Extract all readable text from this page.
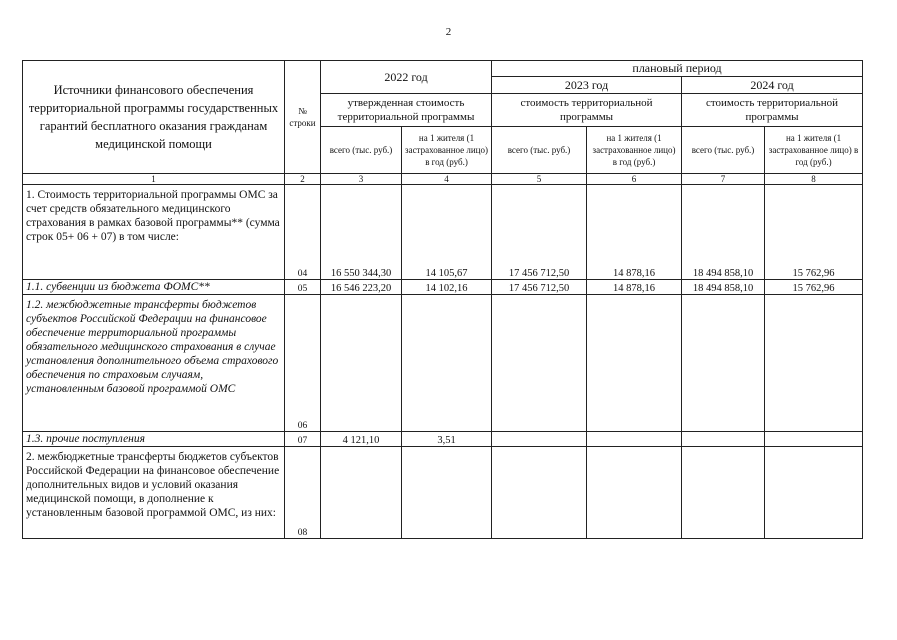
2
Источники финансового обеспечения территориальной программы государственных гарантий бесплатного оказания гражданам медицинской помощи	№ строки	2022 год		плановый период			
				2023 год		2024 год	
		утвержденная стоимость территориальной программы		стоимость территориальной программы		стоимость территориальной программы	
		всего (тыс. руб.)	на 1 жителя (1 застрахованное лицо) в год (руб.)	всего (тыс. руб.)	на 1 жителя (1 застрахованное лицо) в год (руб.)	всего (тыс. руб.)	на 1 жителя (1 застрахованное лицо) в год (руб.)
1	2	3	4	5	6	7	8
1. Стоимость территориальной программы ОМС за счет средств обязательного медицинского страхования в рамках базовой программы** (сумма строк 05+ 06 + 07) в том числе:	04	16 550 344,30	14 105,67	17 456 712,50	14 878,16	18 494 858,10	15 762,96
1.1. субвенции из бюджета ФОМС**	05	16 546 223,20	14 102,16	17 456 712,50	14 878,16	18 494 858,10	15 762,96
1.2. межбюджетные трансферты бюджетов субъектов Российской Федерации на финансовое обеспечение территориальной программы обязательного медицинского страхования в случае установления дополнительного объема страхового обеспечения по страховым случаям, установленным базовой программой ОМС	06						
1.3. прочие поступления	07	4 121,10	3,51				
2. межбюджетные трансферты бюджетов субъектов Российской Федерации на финансовое обеспечение дополнительных видов и условий оказания медицинской помощи, в дополнение к установленным базовой программой ОМС, из них:	08						
